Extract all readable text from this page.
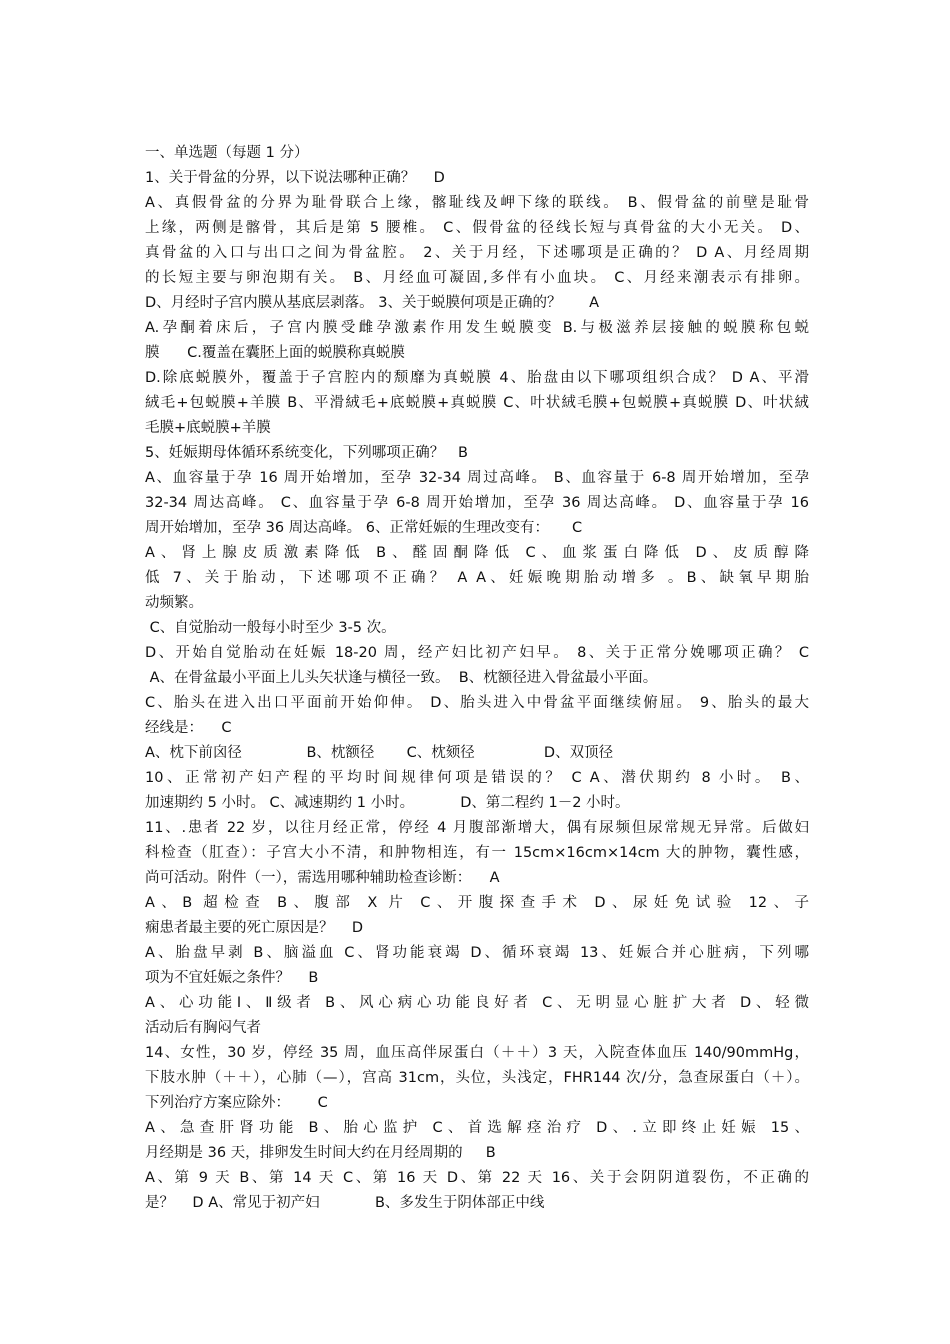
一、单选题（每题 1 分）
1、关于骨盆的分界，以下说法哪种正确？    D
A、真假骨盆的分界为耻骨联合上缘，髂耻线及岬下缘的联线。 B、假骨盆的前壁是耻骨
上缘，两侧是髂骨，其后是第 5 腰椎。 C、假骨盆的径线长短与真骨盆的大小无关。 D、
真骨盆的入口与出口之间为骨盆腔。 2、关于月经，下述哪项是正确的？ D A、月经周期
的长短主要与卵泡期有关。 B、月经血可凝固,多伴有小血块。 C、月经来潮表示有排卵。
D、月经时子宫内膜从基底层剥落。 3、关于蜕膜何项是正确的？      A
A.孕酮着床后，子宫内膜受雌孕激素作用发生蜕膜变 B.与极滋养层接触的蜕膜称包蜕
膜      C.覆盖在囊胚上面的蜕膜称真蜕膜
D.除底蜕膜外，覆盖于子宫腔内的颓靡为真蜕膜 4、胎盘由以下哪项组织合成？ D A、平滑
絨毛+包蜕膜+羊膜 B、平滑絨毛+底蜕膜+真蜕膜 C、叶状絨毛膜+包蜕膜+真蜕膜 D、叶状絨
毛膜+底蜕膜+羊膜
5、妊娠期母体循环系统变化，下列哪项正确？   B
A、血容量于孕 16 周开始增加，至孕 32-34 周过高峰。 B、血容量于 6-8 周开始增加，至孕
32-34 周达高峰。 C、血容量于孕 6-8 周开始增加，至孕 36 周达高峰。 D、血容量于孕 16
周开始增加，至孕 36 周达高峰。 6、正常妊娠的生理改变有：     C
A、肾上腺皮质激素降低 B、醛固酮降低 C、血浆蛋白降低 D、皮质醇降
低 7、关于胎动，下述哪项不正确？ A A、妊娠晚期胎动增多 。B、缺氧早期胎
动频繁。
C、自觉胎动一般每小时至少 3-5 次。
D、开始自觉胎动在妊娠 18-20 周，经产妇比初产妇早。 8、关于正常分娩哪项正确？ C
A、在骨盆最小平面上儿头矢状逢与横径一致。  B、枕额径进入骨盆最小平面。
C、胎头在进入出口平面前开始仰伸。 D、胎头进入中骨盆平面继续俯屈。 9、胎头的最大
经线是：    C
A、枕下前囟径              B、枕额径       C、枕颏径               D、双顶径
10、正常初产妇产程的平均时间规律何项是错误的？ C A、潜伏期约 8 小时。 B、
加速期约 5 小时。 C、减速期约 1 小时。          D、第二程约 1－2 小时。
11、.患者 22 岁，以往月经正常，停经 4 月腹部渐增大，偶有尿频但尿常规无异常。后做妇
科检查（肛查）：子宫大小不清，和肿物相连，有一 15cm×16cm×14cm 大的肿物，囊性感，
尚可活动。附件（一），需选用哪种辅助检查诊断：    A
A、B 超检查 B、腹部 X 片 C、开腹探查手术 D、尿妊免试验 12、子
痫患者最主要的死亡原因是？    D
A、胎盘早剥 B、脑溢血 C、肾功能衰竭 D、循环衰竭 13、妊娠合并心脏病，下列哪
项为不宜妊娠之条件？    B
A、心功能Ⅰ、Ⅱ级者 B、风心病心功能良好者 C、无明显心脏扩大者 D、轻微
活动后有胸闷气者
14、女性，30 岁，停经 35 周，血压高伴尿蛋白（＋＋）3 天，入院查体血压 140/90mmHg，
下肢水肿（＋＋），心肺（—），宫高 31cm，头位，头浅定，FHR144 次/分，急查尿蛋白（＋）。
下列治疗方案应除外：      C
A、急查肝肾功能 B、胎心监护 C、首选解痉治疗 D、.立即终止妊娠 15、
月经期是 36 天，排卵发生时间大约在月经周期的     B
A、第 9 天 B、第 14 天 C、第 16 天 D、第 22 天 16、关于会阴阴道裂伤，不正确的
是？    D A、常见于初产妇            B、多发生于阴体部正中线
